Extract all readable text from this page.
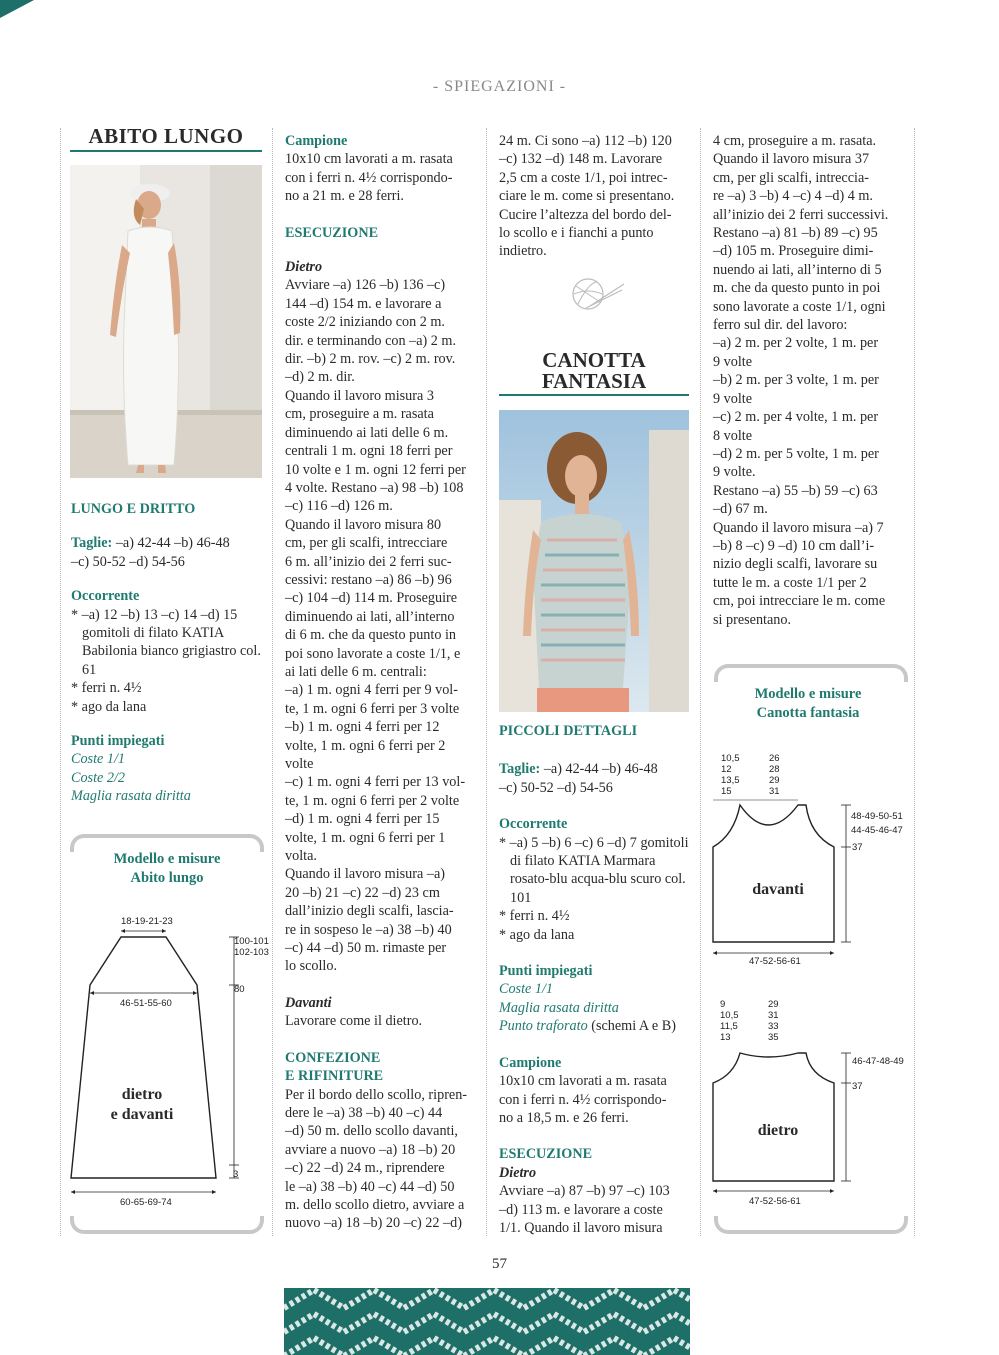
- SPIEGAZIONI -
ABITO LUNGO

LUNGO E DRITTO

Taglie: –a) 42-44 –b) 46-48

–c) 50-52 –d) 54-56

Occorrente

* –a) 12 –b) 13 –c) 14 –d) 15 gomitoli di filato KATIA Babilonia bianco grigiastro col. 61

* ferri n. 4½

* ago da lana

Punti impiegati

Coste 1/1

Coste 2/2

Maglia rasata diritta

Modello e misure
Abito lungo
18-19-21-23
100-101
102-103
80
46-51-55-60
dietro
e davanti
3
60-65-69-74

Campione

10x10 cm lavorati a m. rasata

con i ferri n. 4½ corrispondo-

no a 21 m. e 28 ferri.

ESECUZIONE

Dietro

Avviare –a) 126 –b) 136 –c)

144 –d) 154 m. e lavorare a

coste 2/2 iniziando con 2 m.

dir. e terminando con –a) 2 m.

dir. –b) 2 m. rov. –c) 2 m. rov.

–d) 2 m. dir.

Quando il lavoro misura 3

cm, proseguire a m. rasata

diminuendo ai lati delle 6 m.

centrali 1 m. ogni 18 ferri per

10 volte e 1 m. ogni 12 ferri per

4 volte. Restano –a) 98 –b) 108

–c) 116 –d) 126 m.

Quando il lavoro misura 80

cm, per gli scalfi, intrecciare

6 m. all’inizio dei 2 ferri suc-

cessivi: restano –a) 86 –b) 96

–c) 104 –d) 114 m. Proseguire

diminuendo ai lati, all’interno

di 6 m. che da questo punto in

poi sono lavorate a coste 1/1, e

ai lati delle 6 m. centrali:

–a) 1 m. ogni 4 ferri per 9 vol-

te, 1 m. ogni 6 ferri per 3 volte

–b) 1 m. ogni 4 ferri per 12

volte, 1 m. ogni 6 ferri per 2

volte

–c) 1 m. ogni 4 ferri per 13 vol-

te, 1 m. ogni 6 ferri per 2 volte

–d) 1 m. ogni 4 ferri per 15

volte, 1 m. ogni 6 ferri per 1

volta.

Quando il lavoro misura –a)

20 –b) 21 –c) 22 –d) 23 cm

dall’inizio degli scalfi, lascia-

re in sospeso le –a) 38 –b) 40

–c) 44 –d) 50 m. rimaste per

lo scollo.

Davanti

Lavorare come il dietro.

CONFEZIONE

E RIFINITURE

Per il bordo dello scollo, ripren-

dere le –a) 38 –b) 40 –c) 44

–d) 50 m. dello scollo davanti,

avviare a nuovo –a) 18 –b) 20

–c) 22 –d) 24 m., riprendere

le –a) 38 –b) 40 –c) 44 –d) 50

m. dello scollo dietro, avviare a

nuovo –a) 18 –b) 20 –c) 22 –d)

24 m. Ci sono –a) 112 –b) 120

–c) 132 –d) 148 m. Lavorare

2,5 cm a coste 1/1, poi intrec-

ciare le m. come si presentano.

Cucire l’altezza del bordo del-

lo scollo e i fianchi a punto

indietro.

CANOTTA
FANTASIA

PICCOLI DETTAGLI

Taglie: –a) 42-44 –b) 46-48

–c) 50-52 –d) 54-56

Occorrente

* –a) 5 –b) 6 –c) 6 –d) 7 gomitoli di filato KATIA Marmara rosato-blu acqua-blu scuro col. 101

* ferri n. 4½

* ago da lana

Punti impiegati

Coste 1/1

Maglia rasata diritta

Punto traforato (schemi A e B)

Campione

10x10 cm lavorati a m. rasata

con i ferri n. 4½ corrispondo-

no a 18,5 m. e 26 ferri.

ESECUZIONE

Dietro

Avviare –a) 87 –b) 97 –c) 103

–d) 113 m. e lavorare a coste

1/1. Quando il lavoro misura

4 cm, proseguire a m. rasata.

Quando il lavoro misura 37

cm, per gli scalfi, intreccia-

re –a) 3 –b) 4 –c) 4 –d) 4 m.

all’inizio dei 2 ferri successivi.

Restano –a) 81 –b) 89 –c) 95

–d) 105 m. Proseguire dimi-

nuendo ai lati, all’interno di 5

m. che da questo punto in poi

sono lavorate a coste 1/1, ogni

ferro sul dir. del lavoro:

–a) 2 m. per 2 volte, 1 m. per

9 volte

–b) 2 m. per 3 volte, 1 m. per

9 volte

–c) 2 m. per 4 volte, 1 m. per

8 volte

–d) 2 m. per 5 volte, 1 m. per

9 volte.

Restano –a) 55 –b) 59 –c) 63

–d) 67 m.

Quando il lavoro misura –a) 7

–b) 8 –c) 9 –d) 10 cm dall’i-

nizio degli scalfi, lavorare su

tutte le m. a coste 1/1 per 2

cm, poi intrecciare le m. come

si presentano.

Modello e misure
Canotta fantasia
10,5
12
13,5
15
26
28
29
31
48-49-50-51
44-45-46-47
37
davanti
47-52-56-61
9
10,5
11,5
13
29
31
33
35
46-47-48-49
37
dietro
47-52-56-61
57
